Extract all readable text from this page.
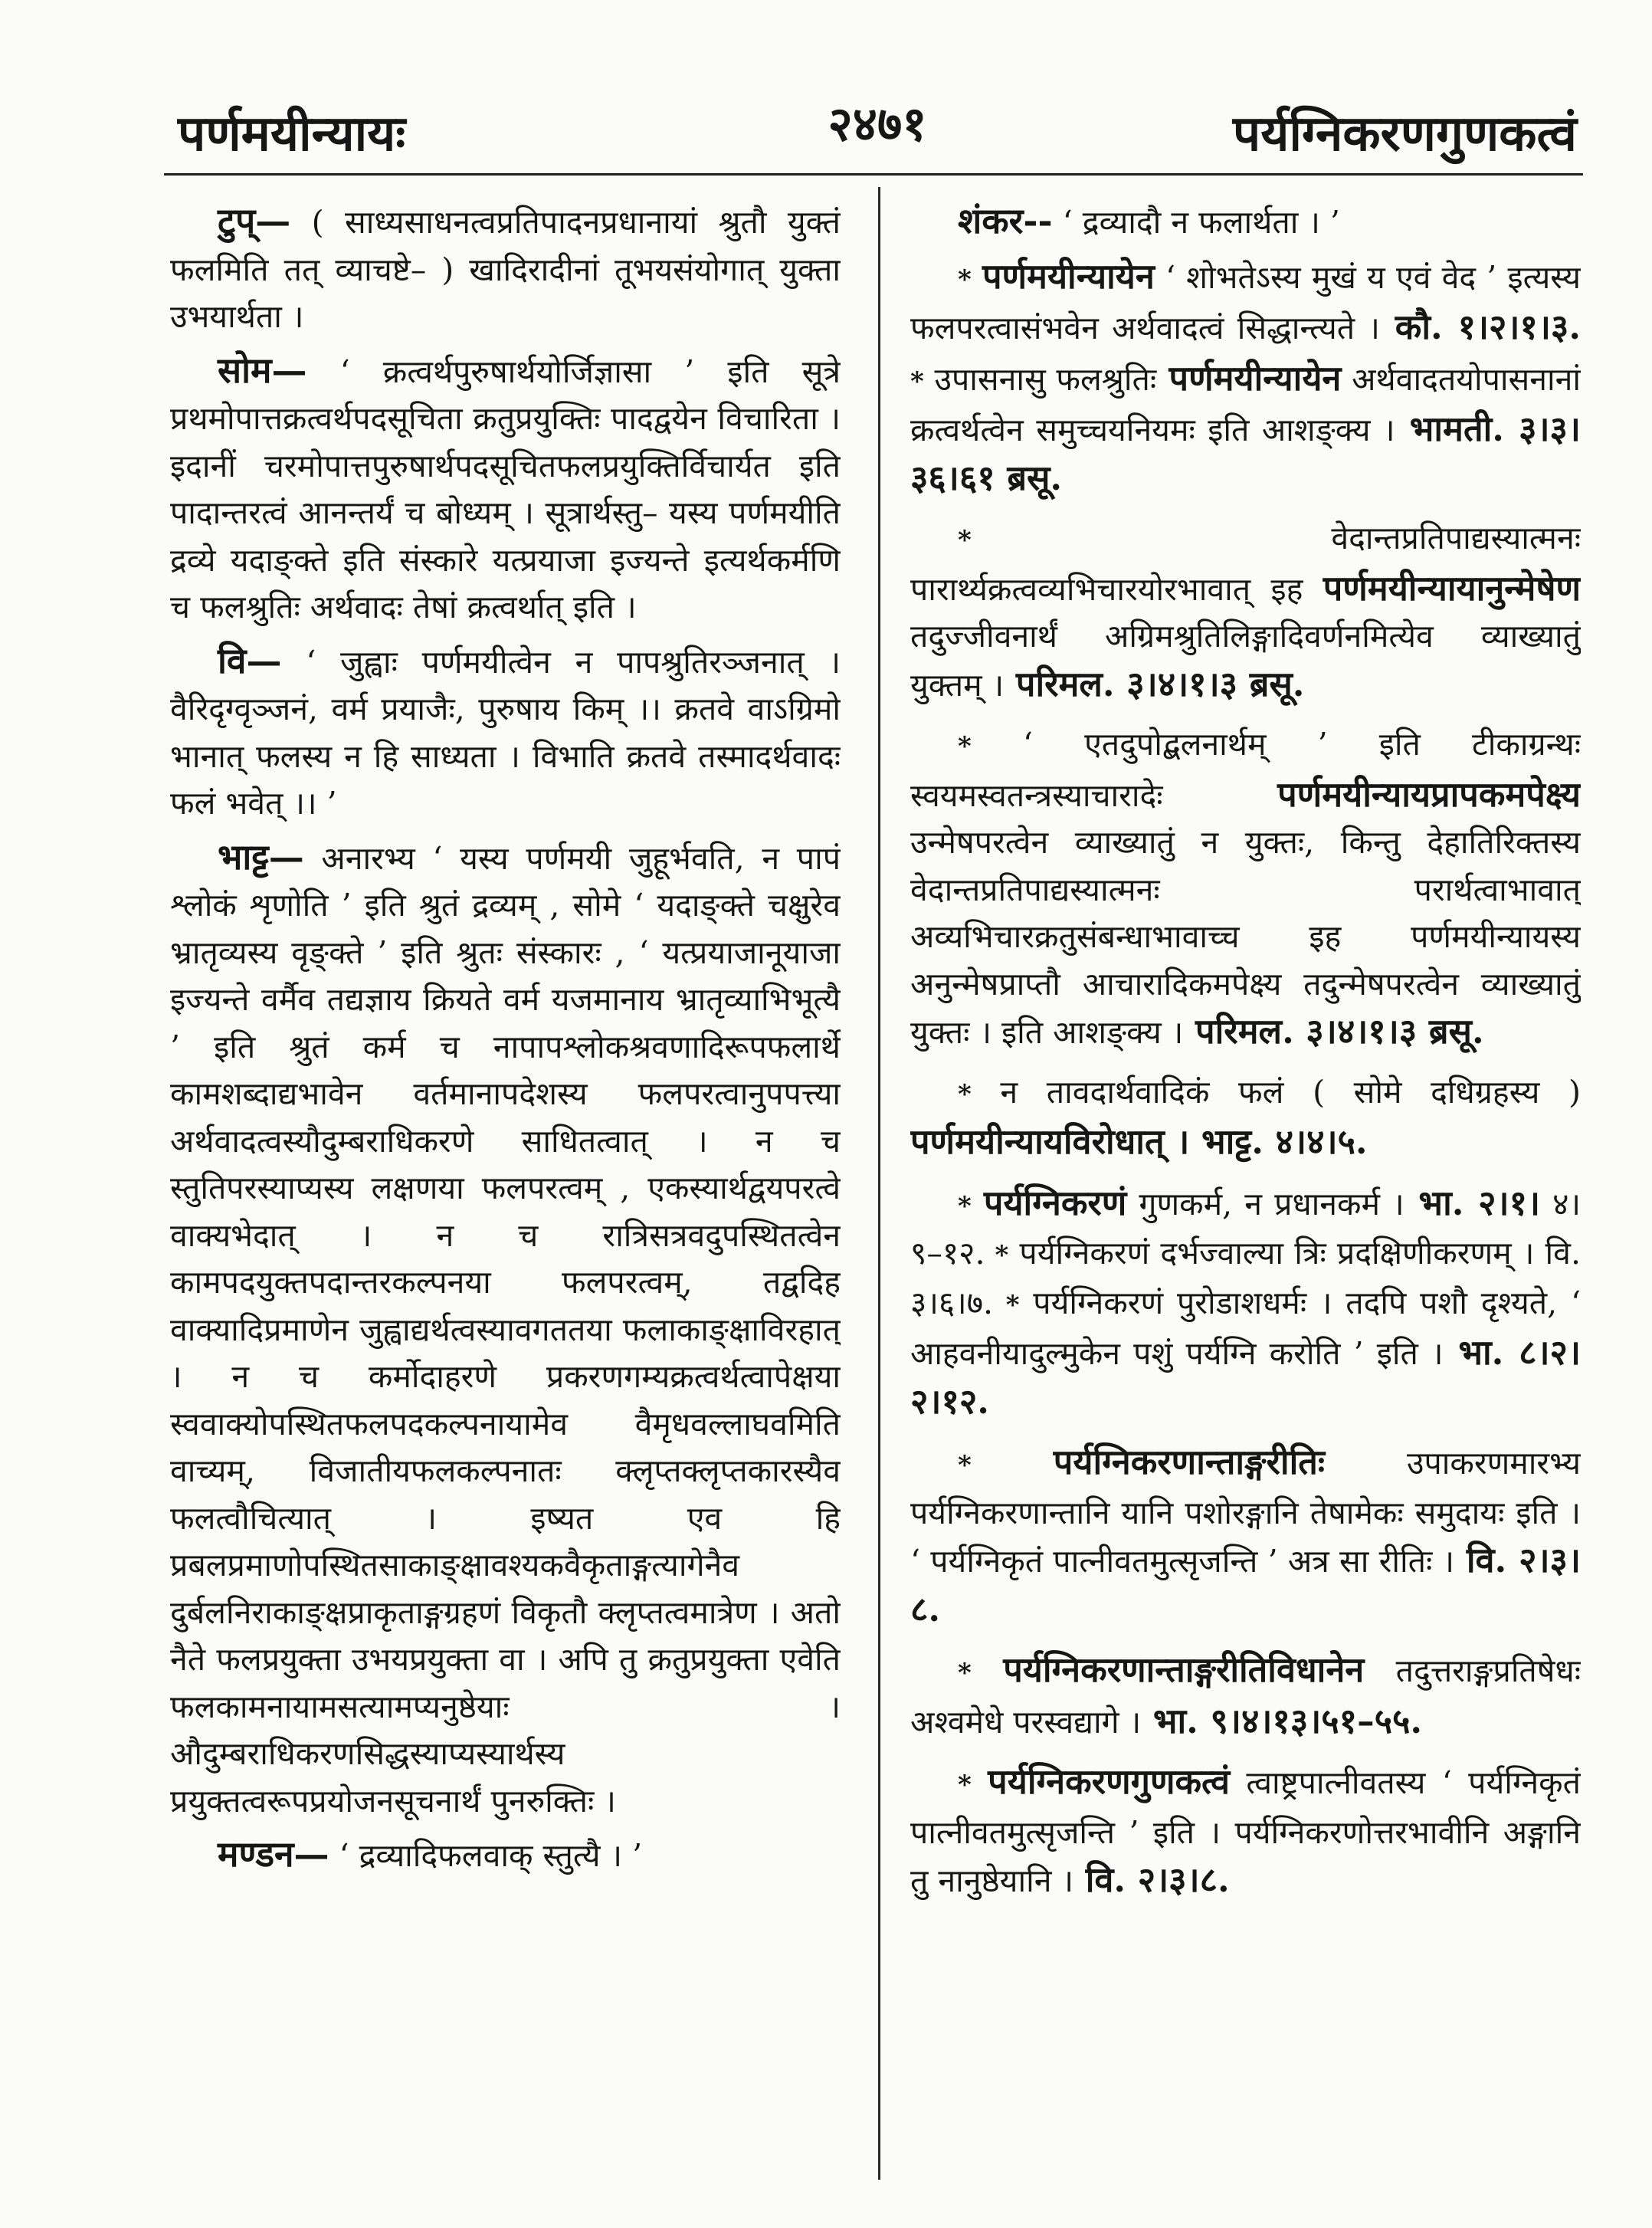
पर्णमयीन्यायः	२४७१	पर्यग्निकरणगुणकत्वं

टुप्— ( साध्यसाधनत्वप्रतिपादनप्रधानायां श्रुतौ युक्तं फलमिति तत् व्याचष्टे– ) खादिरादीनां तूभयसंयोगात् युक्ता उभयार्थता ।

सोम— ‘ क्रत्वर्थपुरुषार्थयोर्जिज्ञासा ’ इति सूत्रे प्रथमोपात्तक्रत्वर्थपदसूचिता क्रतुप्रयुक्तिः पादद्वयेन विचारिता । इदानीं चरमोपात्तपुरुषार्थपदसूचितफलप्रयुक्तिर्विचार्यत इति पादान्तरत्वं आनन्तर्यं च बोध्यम् । सूत्रार्थस्तु– यस्य पर्णमयीति द्रव्ये यदाङ्क्ते इति संस्कारे यत्प्रयाजा इज्यन्ते इत्यर्थकर्मणि च फलश्रुतिः अर्थवादः तेषां क्रत्वर्थात् इति ।

वि— ‘ जुह्वाः पर्णमयीत्वेन न पापश्रुतिरञ्जनात् । वैरिदृग्वृञ्जनं, वर्म प्रयाजैः, पुरुषाय किम् ।। क्रतवे वाऽग्रिमो भानात् फलस्य न हि साध्यता । विभाति क्रतवे तस्मादर्थवादः फलं भवेत् ।। ’

भाट्ट— अनारभ्य ‘ यस्य पर्णमयी जुहूर्भवति, न पापं श्लोकं शृणोति ’ इति श्रुतं द्रव्यम् , सोमे ‘ यदाङ्क्ते चक्षुरेव भ्रातृव्यस्य वृङ्क्ते ’ इति श्रुतः संस्कारः , ‘ यत्प्रयाजानूयाजा इज्यन्ते वर्मैव तद्यज्ञाय क्रियते वर्म यजमानाय भ्रातृव्याभिभूत्यै ’ इति श्रुतं कर्म च नापापश्लोकश्रवणादिरूपफलार्थे कामशब्दाद्यभावेन वर्तमानापदेशस्य फलपरत्वानुपपत्त्या अर्थवादत्वस्यौदुम्बराधिकरणे साधितत्वात् । न च स्तुतिपरस्याप्यस्य लक्षणया फलपरत्वम् , एकस्यार्थद्वयपरत्वे वाक्यभेदात् । न च रात्रिसत्रवदुपस्थितत्वेन कामपदयुक्तपदान्तरकल्पनया फलपरत्वम्, तद्वदिह वाक्यादिप्रमाणेन जुह्वाद्यर्थत्वस्यावगततया फलाकाङ्क्षाविरहात् । न च कर्मोदाहरणे प्रकरणगम्यक्रत्वर्थत्वापेक्षया स्ववाक्योपस्थितफलपदकल्पनायामेव वैमृधवल्लाघवमिति वाच्यम्, विजातीयफलकल्पनातः क्लृप्तक्लृप्तकारस्यैव फलत्वौचित्यात् । इष्यत एव हि प्रबलप्रमाणोपस्थितसाकाङ्क्षावश्यकवैकृताङ्गत्यागेनैव दुर्बलनिराकाङ्क्षप्राकृताङ्गग्रहणं विकृतौ क्लृप्तत्वमात्रेण । अतो नैते फलप्रयुक्ता उभयप्रयुक्ता वा । अपि तु क्रतुप्रयुक्ता एवेति फलकामनायामसत्यामप्यनुष्ठेयाः । औदुम्बराधिकरणसिद्धस्याप्यस्यार्थस्य प्रयुक्तत्वरूपप्रयोजनसूचनार्थं पुनरुक्तिः ।

मण्डन— ‘ द्रव्यादिफलवाक् स्तुत्यै । ’

शंकर-- ‘ द्रव्यादौ न फलार्थता । ’

* पर्णमयीन्यायेन ‘ शोभतेऽस्य मुखं य एवं वेद ’ इत्यस्य फलपरत्वासंभवेन अर्थवादत्वं सिद्धान्त्यते । कौ. १।२।१।३. * उपासनासु फलश्रुतिः पर्णमयीन्यायेन अर्थवादतयोपासनानां क्रत्वर्थत्वेन समुच्चयनियमः इति आशङ्क्य । भामती. ३।३।३६।६१ ब्रसू.

* वेदान्तप्रतिपाद्यस्यात्मनः पारार्थ्यक्रत्वव्यभिचारयोरभावात् इह पर्णमयीन्यायानुन्मेषेण तदुज्जीवनार्थं अग्रिमश्रुतिलिङ्गादिवर्णनमित्येव व्याख्यातुं युक्तम् । परिमल. ३।४।१।३ ब्रसू.

* ‘ एतदुपोद्बलनार्थम् ’ इति टीकाग्रन्थः स्वयमस्वतन्त्रस्याचारादेः पर्णमयीन्यायप्रापकमपेक्ष्य उन्मेषपरत्वेन व्याख्यातुं न युक्तः, किन्तु देहातिरिक्तस्य वेदान्तप्रतिपाद्यस्यात्मनः परार्थत्वाभावात् अव्यभिचारक्रतुसंबन्धाभावाच्च इह पर्णमयीन्यायस्य अनुन्मेषप्राप्तौ आचारादिकमपेक्ष्य तदुन्मेषपरत्वेन व्याख्यातुं युक्तः । इति आशङ्क्य । परिमल. ३।४।१।३ ब्रसू.

* न तावदार्थवादिकं फलं ( सोमे दधिग्रहस्य ) पर्णमयीन्यायविरोधात् । भाट्ट. ४।४।५.

* पर्यग्निकरणं गुणकर्म, न प्रधानकर्म । भा. २।१। ४।९–१२. * पर्यग्निकरणं दर्भज्वाल्या त्रिः प्रदक्षिणीकरणम् । वि. ३।६।७. * पर्यग्निकरणं पुरोडाशधर्मः । तदपि पशौ दृश्यते, ‘ आहवनीयादुल्मुकेन पशुं पर्यग्नि करोति ’ इति । भा. ८।२।२।१२.

* पर्यग्निकरणान्ताङ्गरीतिः उपाकरणमारभ्य पर्यग्निकरणान्तानि यानि पशोरङ्गानि तेषामेकः समुदायः इति । ‘ पर्यग्निकृतं पात्नीवतमुत्सृजन्ति ’ अत्र सा रीतिः । वि. २।३।८.

* पर्यग्निकरणान्ताङ्गरीतिविधानेन तदुत्तराङ्गप्रतिषेधः अश्वमेधे परस्वद्यागे । भा. ९।४।१३।५१–५५.

* पर्यग्निकरणगुणकत्वं त्वाष्ट्रपात्नीवतस्य ‘ पर्यग्निकृतं पात्नीवतमुत्सृजन्ति ’ इति । पर्यग्निकरणोत्तरभावीनि अङ्गानि तु नानुष्ठेयानि । वि. २।३।८.
